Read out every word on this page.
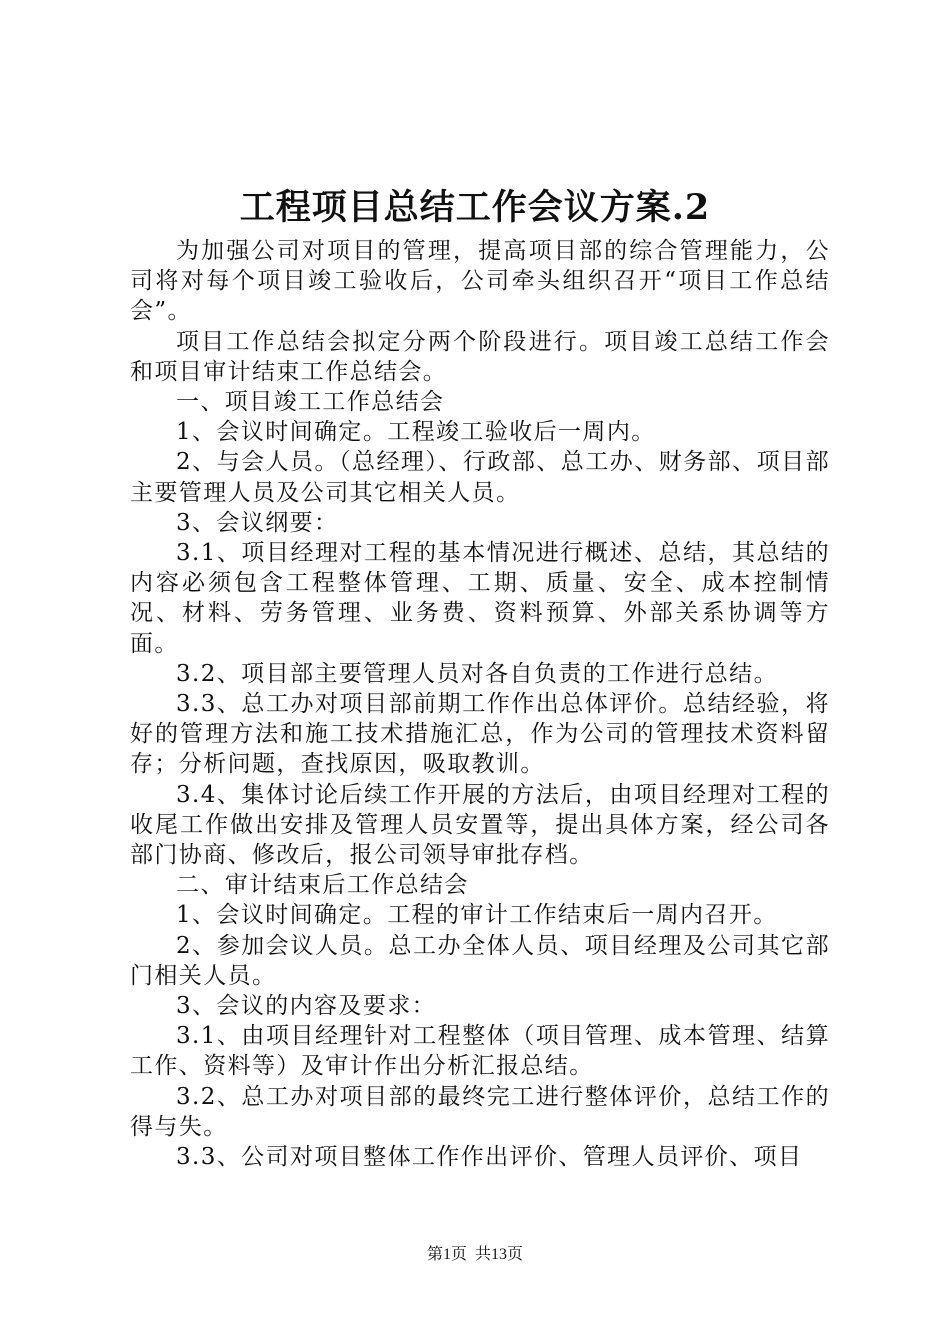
工程项目总结工作会议方案.2

为加强公司对项目的管理，提高项目部的综合管理能力，公司将对每个项目竣工验收后，公司牵头组织召开“项目工作总结会”。

项目工作总结会拟定分两个阶段进行。项目竣工总结工作会和项目审计结束工作总结会。

一、项目竣工工作总结会

1、会议时间确定。工程竣工验收后一周内。

2、与会人员。（总经理）、行政部、总工办、财务部、项目部主要管理人员及公司其它相关人员。

3、会议纲要：

3.1、项目经理对工程的基本情况进行概述、总结，其总结的内容必须包含工程整体管理、工期、质量、安全、成本控制情况、材料、劳务管理、业务费、资料预算、外部关系协调等方面。

3.2、项目部主要管理人员对各自负责的工作进行总结。

3.3、总工办对项目部前期工作作出总体评价。总结经验，将好的管理方法和施工技术措施汇总，作为公司的管理技术资料留存；分析问题，查找原因，吸取教训。

3.4、集体讨论后续工作开展的方法后，由项目经理对工程的收尾工作做出安排及管理人员安置等，提出具体方案，经公司各部门协商、修改后，报公司领导审批存档。

二、审计结束后工作总结会

1、会议时间确定。工程的审计工作结束后一周内召开。

2、参加会议人员。总工办全体人员、项目经理及公司其它部门相关人员。

3、会议的内容及要求：

3.1、由项目经理针对工程整体（项目管理、成本管理、结算工作、资料等）及审计作出分析汇报总结。

3.2、总工办对项目部的最终完工进行整体评价，总结工作的得与失。

3.3、公司对项目整体工作作出评价、管理人员评价、项目

第1页 共13页
